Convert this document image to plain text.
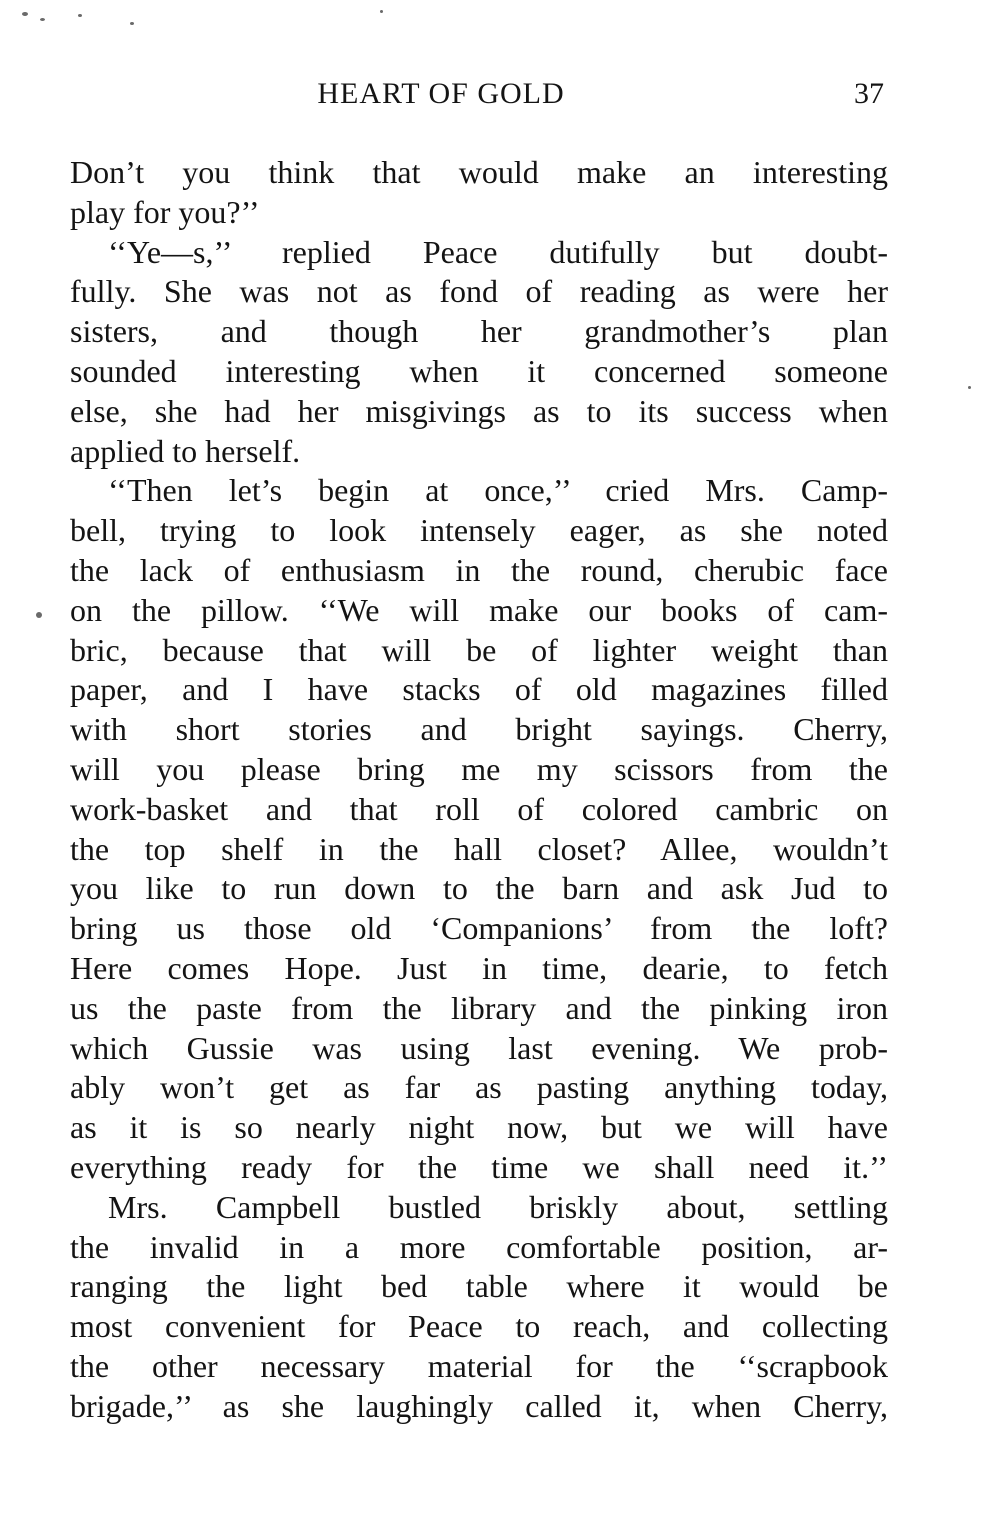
HEART OF GOLD	37
Don’t you think that would make an interesting
play for you?’’
‘‘Ye—s,’’ replied Peace dutifully but doubt-
fully. She was not as fond of reading as were her
sisters, and though her grandmother’s plan
sounded interesting when it concerned someone
else, she had her misgivings as to its success when
applied to herself.
‘‘Then let’s begin at once,’’ cried Mrs. Camp-
bell, trying to look intensely eager, as she noted
the lack of enthusiasm in the round, cherubic face
on the pillow. ‘‘We will make our books of cam-
bric, because that will be of lighter weight than
paper, and I have stacks of old magazines filled
with short stories and bright sayings. Cherry,
will you please bring me my scissors from the
work-basket and that roll of colored cambric on
the top shelf in the hall closet? Allee, wouldn’t
you like to run down to the barn and ask Jud to
bring us those old ‘Companions’ from the loft?
Here comes Hope. Just in time, dearie, to fetch
us the paste from the library and the pinking iron
which Gussie was using last evening. We prob-
ably won’t get as far as pasting anything today,
as it is so nearly night now, but we will have
everything ready for the time we shall need it.’’
Mrs. Campbell bustled briskly about, settling
the invalid in a more comfortable position, ar-
ranging the light bed table where it would be
most convenient for Peace to reach, and collecting
the other necessary material for the ‘‘scrapbook
brigade,’’ as she laughingly called it, when Cherry,
